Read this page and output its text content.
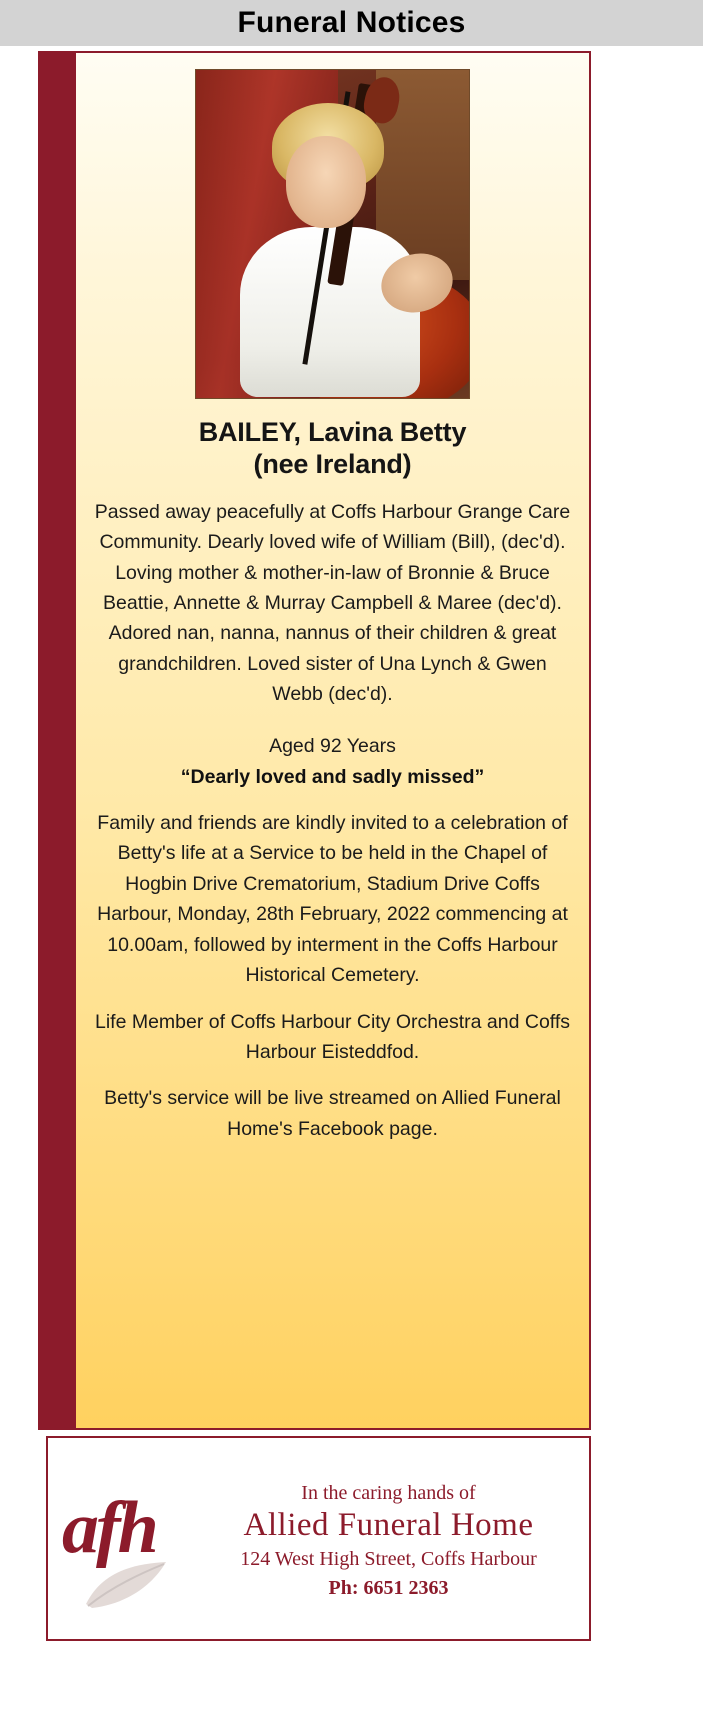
Funeral Notices
BAILEY, Lavina Betty
(nee Ireland)
Passed away peacefully at Coffs Harbour Grange Care Community. Dearly loved wife of William (Bill), (dec'd). Loving mother & mother-in-law of Bronnie & Bruce Beattie, Annette & Murray Campbell & Maree (dec'd). Adored nan, nanna, nannus of their children & great grandchildren. Loved sister of Una Lynch & Gwen Webb (dec'd).
Aged 92 Years
“Dearly loved and sadly missed”
Family and friends are kindly invited to a celebration of Betty's life at a Service to be held in the Chapel of Hogbin Drive Crematorium, Stadium Drive Coffs Harbour, Monday, 28th February, 2022 commencing at 10.00am, followed by interment in the Coffs Harbour Historical Cemetery.
Life Member of Coffs Harbour City Orchestra and Coffs Harbour Eisteddfod.
Betty's service will be live streamed on Allied Funeral Home's Facebook page.
afh	In the caring hands of
Allied Funeral Home
124 West High Street, Coffs Harbour
Ph: 6651 2363
